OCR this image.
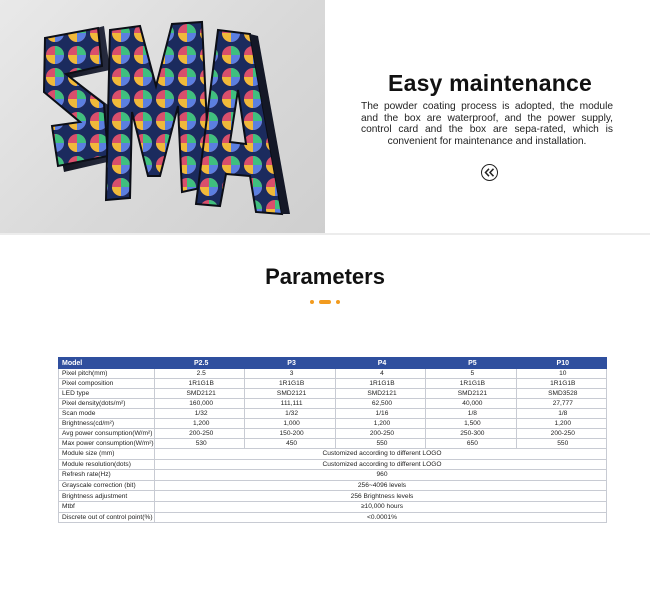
Easy maintenance
The powder coating process is adopted, the module and the box are waterproof, and the power supply, control card and the box are sepa-rated, which is convenient for maintenance and installation.
Parameters
Model	P2.5	P3	P4	P5	P10
Pixel pitch(mm)	2.5	3	4	5	10
Pixel composition	1R1G1B	1R1G1B	1R1G1B	1R1G1B	1R1G1B
LED type	SMD2121	SMD2121	SMD2121	SMD2121	SMD3528
Pixel density(dots/m²)	160,000	111,111	62,500	40,000	27,777
Scan mode	1/32	1/32	1/16	1/8	1/8
Brightness(cd/m²)	1,200	1,000	1,200	1,500	1,200
Avg power consumption(W/m²)	200-250	150-200	200-250	250-300	200-250
Max power consumption(W/m²)	530	450	550	650	550
Module size (mm)	Customized according to different LOGO				
Module resolution(dots)	Customized according to different LOGO				
Refresh rate(Hz)	960				
Grayscale correction (bit)	256~4096 levels				
Brightness adjustment	256 Brightness levels				
Mtbf	≥10,000 hours				
Discrete out of control point(%)	<0.0001%				
